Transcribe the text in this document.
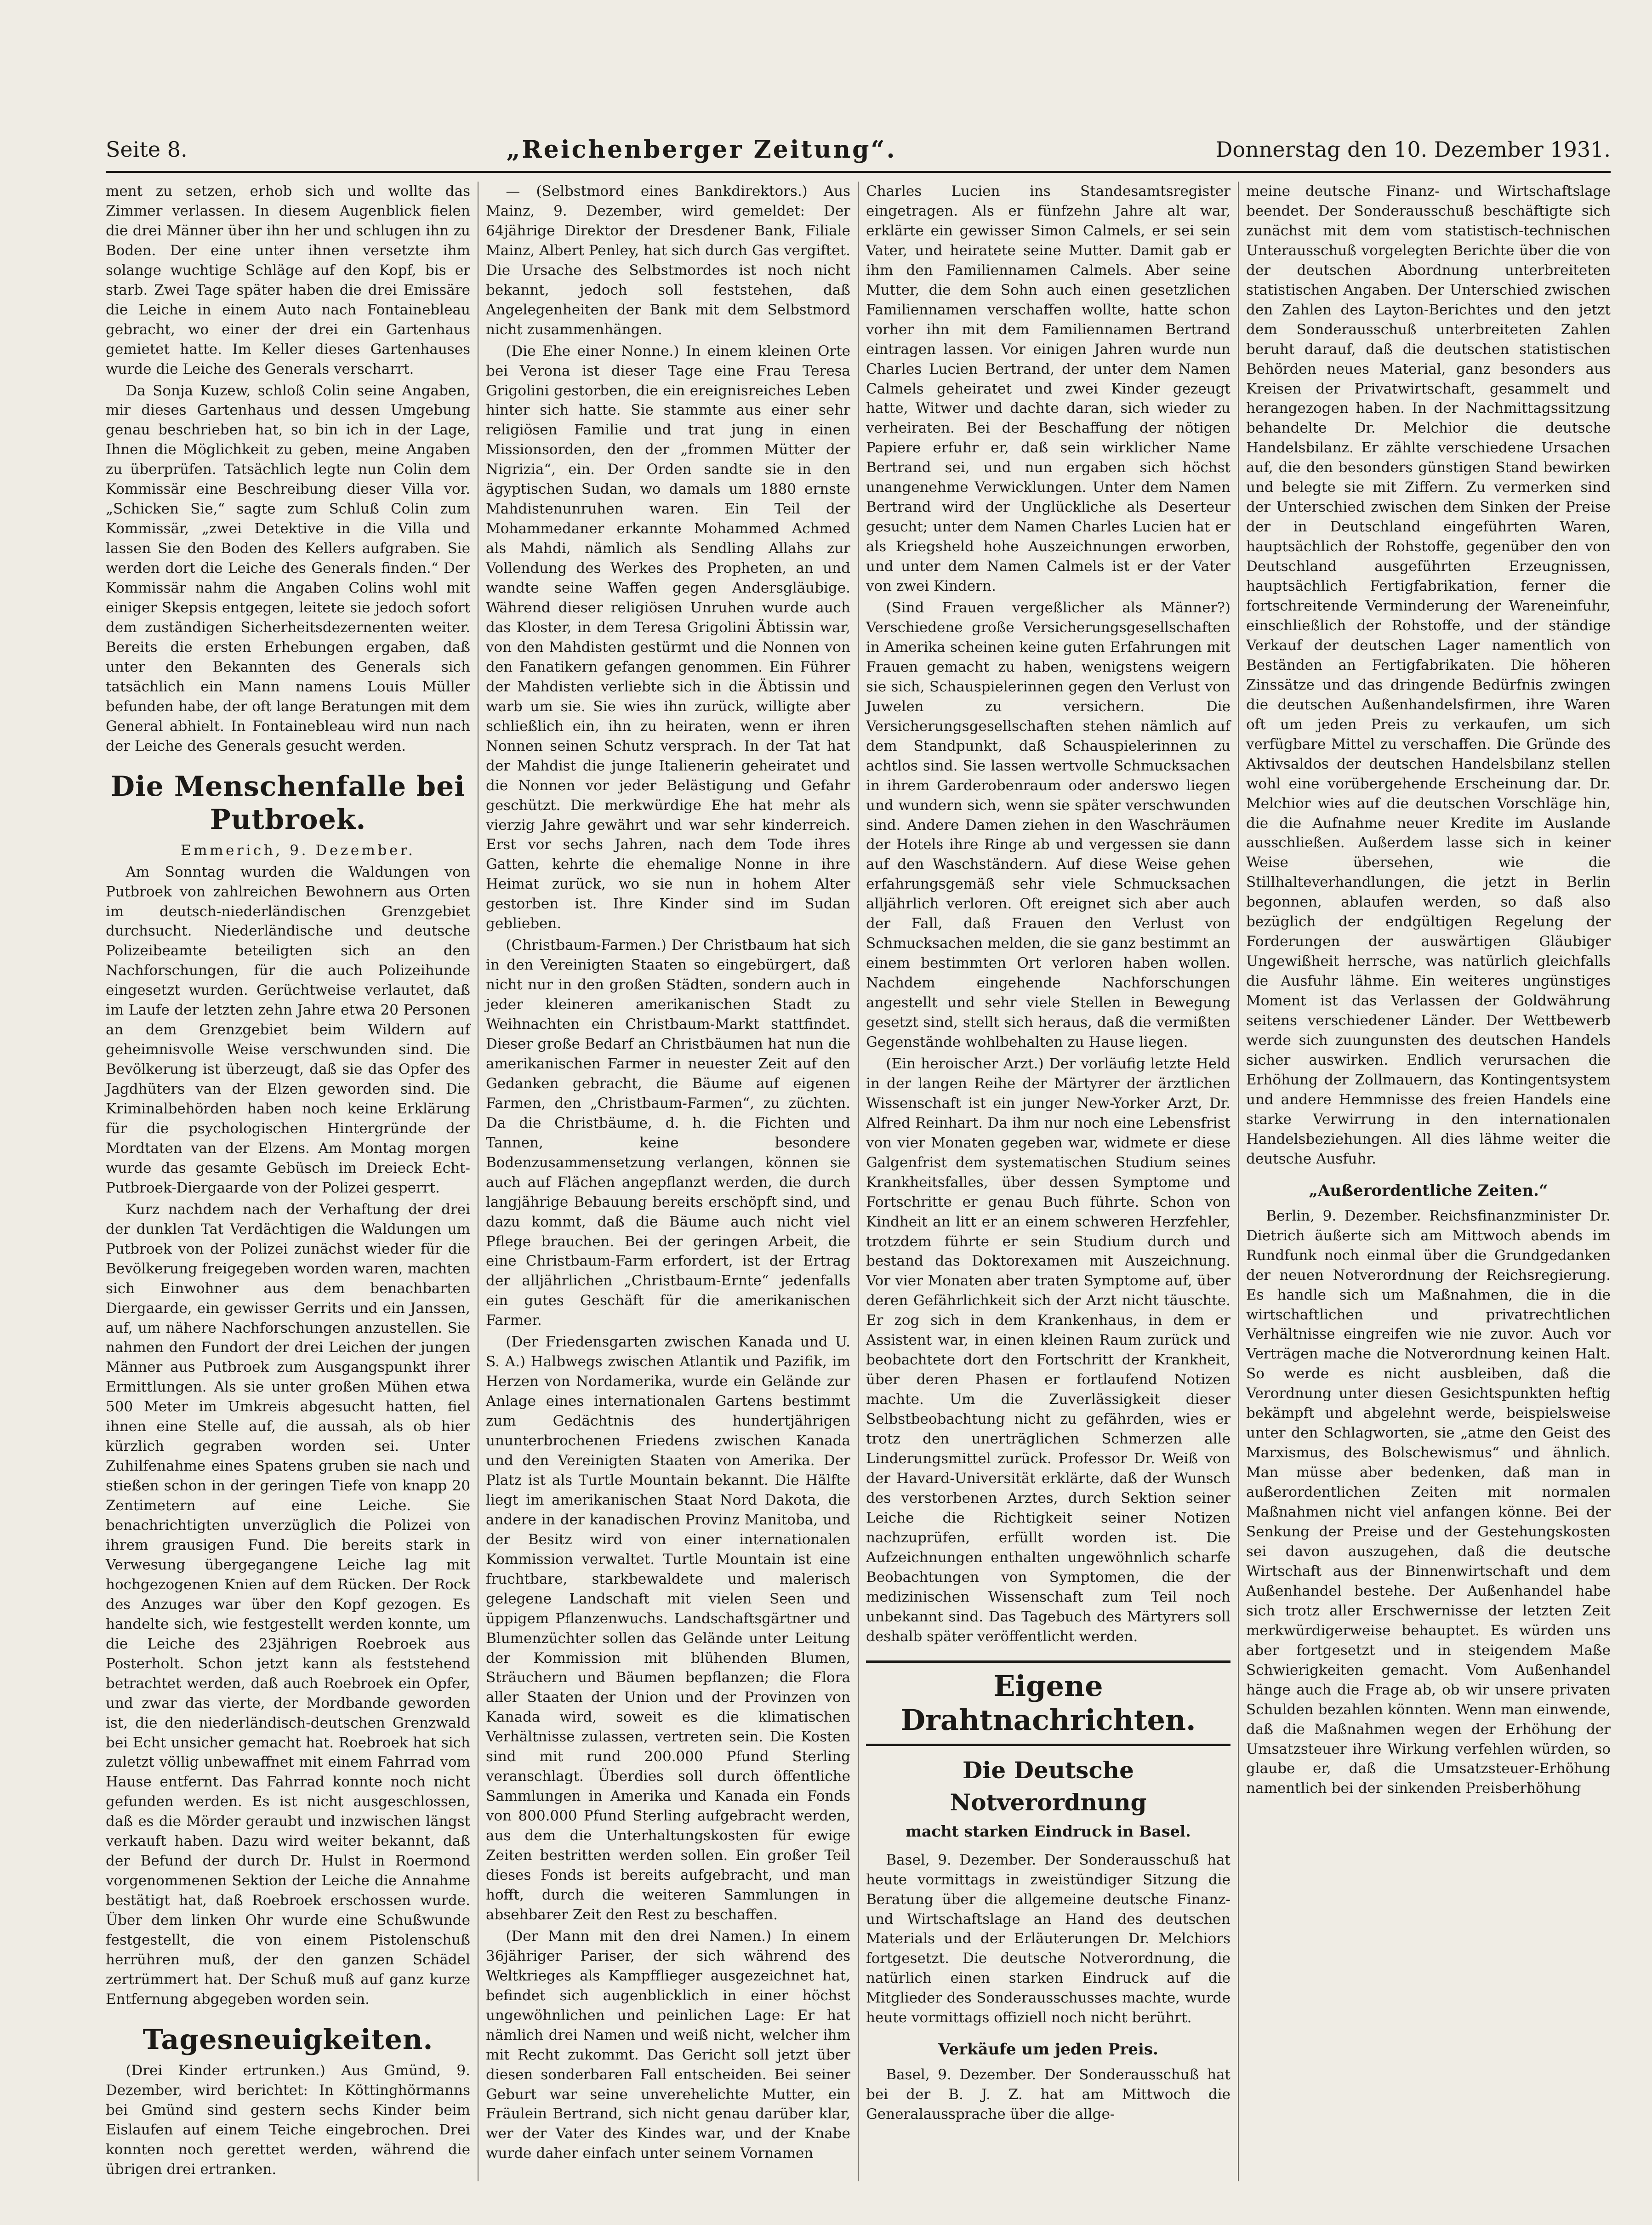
Seite 8.	„Reichenberger Zeitung“.	Donnerstag den 10. Dezember 1931.

ment zu setzen, erhob sich und wollte das Zimmer verlassen. In diesem Augenblick fielen die drei Männer über ihn her und schlugen ihn zu Boden. Der eine unter ihnen versetzte ihm solange wuchtige Schläge auf den Kopf, bis er starb. Zwei Tage später haben die drei Emissäre die Leiche in einem Auto nach Fontainebleau gebracht, wo einer der drei ein Gartenhaus gemietet hatte. Im Keller dieses Gartenhauses wurde die Leiche des Generals verscharrt.

Da Sonja Kuzew, schloß Colin seine Angaben, mir dieses Gartenhaus und dessen Umgebung genau beschrieben hat, so bin ich in der Lage, Ihnen die Möglichkeit zu geben, meine Angaben zu überprüfen. Tatsächlich legte nun Colin dem Kommissär eine Beschreibung dieser Villa vor. „Schicken Sie,“ sagte zum Schluß Colin zum Kommissär, „zwei Detektive in die Villa und lassen Sie den Boden des Kellers aufgraben. Sie werden dort die Leiche des Generals finden.“ Der Kommissär nahm die Angaben Colins wohl mit einiger Skepsis entgegen, leitete sie jedoch sofort dem zuständigen Sicherheitsdezernenten weiter. Bereits die ersten Erhebungen ergaben, daß unter den Bekannten des Generals sich tatsächlich ein Mann namens Louis Müller befunden habe, der oft lange Beratungen mit dem General abhielt. In Fontainebleau wird nun nach der Leiche des Generals gesucht werden.

Die Menschenfalle bei Putbroek.

Emmerich, 9. Dezember.

Am Sonntag wurden die Waldungen von Putbroek von zahlreichen Bewohnern aus Orten im deutsch-niederländischen Grenzgebiet durchsucht. Niederländische und deutsche Polizeibeamte beteiligten sich an den Nachforschungen, für die auch Polizeihunde eingesetzt wurden. Gerüchtweise verlautet, daß im Laufe der letzten zehn Jahre etwa 20 Personen an dem Grenzgebiet beim Wildern auf geheimnisvolle Weise verschwunden sind. Die Bevölkerung ist überzeugt, daß sie das Opfer des Jagdhüters van der Elzen geworden sind. Die Kriminalbehörden haben noch keine Erklärung für die psychologischen Hintergründe der Mordtaten van der Elzens. Am Montag morgen wurde das gesamte Gebüsch im Dreieck Echt-Putbroek-Diergaarde von der Polizei gesperrt.

Kurz nachdem nach der Verhaftung der drei der dunklen Tat Verdächtigen die Waldungen um Putbroek von der Polizei zunächst wieder für die Bevölkerung freigegeben worden waren, machten sich Einwohner aus dem benachbarten Diergaarde, ein gewisser Gerrits und ein Janssen, auf, um nähere Nachforschungen anzustellen. Sie nahmen den Fundort der drei Leichen der jungen Männer aus Putbroek zum Ausgangspunkt ihrer Ermittlungen. Als sie unter großen Mühen etwa 500 Meter im Umkreis abgesucht hatten, fiel ihnen eine Stelle auf, die aussah, als ob hier kürzlich gegraben worden sei. Unter Zuhilfenahme eines Spatens gruben sie nach und stießen schon in der geringen Tiefe von knapp 20 Zentimetern auf eine Leiche. Sie benachrichtigten unverzüglich die Polizei von ihrem grausigen Fund. Die bereits stark in Verwesung übergegangene Leiche lag mit hochgezogenen Knien auf dem Rücken. Der Rock des Anzuges war über den Kopf gezogen. Es handelte sich, wie festgestellt werden konnte, um die Leiche des 23jährigen Roebroek aus Posterholt. Schon jetzt kann als feststehend betrachtet werden, daß auch Roebroek ein Opfer, und zwar das vierte, der Mordbande geworden ist, die den niederländisch-deutschen Grenzwald bei Echt unsicher gemacht hat. Roebroek hat sich zuletzt völlig unbewaffnet mit einem Fahrrad vom Hause entfernt. Das Fahrrad konnte noch nicht gefunden werden. Es ist nicht ausgeschlossen, daß es die Mörder geraubt und inzwischen längst verkauft haben. Dazu wird weiter bekannt, daß der Befund der durch Dr. Hulst in Roermond vorgenommenen Sektion der Leiche die Annahme bestätigt hat, daß Roebroek erschossen wurde. Über dem linken Ohr wurde eine Schußwunde festgestellt, die von einem Pistolenschuß herrühren muß, der den ganzen Schädel zertrümmert hat. Der Schuß muß auf ganz kurze Entfernung abgegeben worden sein.

Tagesneuigkeiten.

(Drei Kinder ertrunken.) Aus Gmünd, 9. Dezember, wird berichtet: In Köttinghörmanns bei Gmünd sind gestern sechs Kinder beim Eislaufen auf einem Teiche eingebrochen. Drei konnten noch gerettet werden, während die übrigen drei ertranken.

— (Selbstmord eines Bankdirektors.) Aus Mainz, 9. Dezember, wird gemeldet: Der 64jährige Direktor der Dresdener Bank, Filiale Mainz, Albert Penley, hat sich durch Gas vergiftet. Die Ursache des Selbstmordes ist noch nicht bekannt, jedoch soll feststehen, daß Angelegenheiten der Bank mit dem Selbstmord nicht zusammenhängen.

(Die Ehe einer Nonne.) In einem kleinen Orte bei Verona ist dieser Tage eine Frau Teresa Grigolini gestorben, die ein ereignisreiches Leben hinter sich hatte. Sie stammte aus einer sehr religiösen Familie und trat jung in einen Missionsorden, den der „frommen Mütter der Nigrizia“, ein. Der Orden sandte sie in den ägyptischen Sudan, wo damals um 1880 ernste Mahdistenunruhen waren. Ein Teil der Mohammedaner erkannte Mohammed Achmed als Mahdi, nämlich als Sendling Allahs zur Vollendung des Werkes des Propheten, an und wandte seine Waffen gegen Andersgläubige. Während dieser religiösen Unruhen wurde auch das Kloster, in dem Teresa Grigolini Äbtissin war, von den Mahdisten gestürmt und die Nonnen von den Fanatikern gefangen genommen. Ein Führer der Mahdisten verliebte sich in die Äbtissin und warb um sie. Sie wies ihn zurück, willigte aber schließlich ein, ihn zu heiraten, wenn er ihren Nonnen seinen Schutz versprach. In der Tat hat der Mahdist die junge Italienerin geheiratet und die Nonnen vor jeder Belästigung und Gefahr geschützt. Die merkwürdige Ehe hat mehr als vierzig Jahre gewährt und war sehr kinderreich. Erst vor sechs Jahren, nach dem Tode ihres Gatten, kehrte die ehemalige Nonne in ihre Heimat zurück, wo sie nun in hohem Alter gestorben ist. Ihre Kinder sind im Sudan geblieben.

(Christbaum-Farmen.) Der Christbaum hat sich in den Vereinigten Staaten so eingebürgert, daß nicht nur in den großen Städten, sondern auch in jeder kleineren amerikanischen Stadt zu Weihnachten ein Christbaum-Markt stattfindet. Dieser große Bedarf an Christbäumen hat nun die amerikanischen Farmer in neuester Zeit auf den Gedanken gebracht, die Bäume auf eigenen Farmen, den „Christbaum-Farmen“, zu züchten. Da die Christbäume, d. h. die Fichten und Tannen, keine besondere Bodenzusammensetzung verlangen, können sie auch auf Flächen angepflanzt werden, die durch langjährige Bebauung bereits erschöpft sind, und dazu kommt, daß die Bäume auch nicht viel Pflege brauchen. Bei der geringen Arbeit, die eine Christbaum-Farm erfordert, ist der Ertrag der alljährlichen „Christbaum-Ernte“ jedenfalls ein gutes Geschäft für die amerikanischen Farmer.

(Der Friedensgarten zwischen Kanada und U. S. A.) Halbwegs zwischen Atlantik und Pazifik, im Herzen von Nordamerika, wurde ein Gelände zur Anlage eines internationalen Gartens bestimmt zum Gedächtnis des hundertjährigen ununterbrochenen Friedens zwischen Kanada und den Vereinigten Staaten von Amerika. Der Platz ist als Turtle Mountain bekannt. Die Hälfte liegt im amerikanischen Staat Nord Dakota, die andere in der kanadischen Provinz Manitoba, und der Besitz wird von einer internationalen Kommission verwaltet. Turtle Mountain ist eine fruchtbare, starkbewaldete und malerisch gelegene Landschaft mit vielen Seen und üppigem Pflanzenwuchs. Landschaftsgärtner und Blumenzüchter sollen das Gelände unter Leitung der Kommission mit blühenden Blumen, Sträuchern und Bäumen bepflanzen; die Flora aller Staaten der Union und der Provinzen von Kanada wird, soweit es die klimatischen Verhältnisse zulassen, vertreten sein. Die Kosten sind mit rund 200.000 Pfund Sterling veranschlagt. Überdies soll durch öffentliche Sammlungen in Amerika und Kanada ein Fonds von 800.000 Pfund Sterling aufgebracht werden, aus dem die Unterhaltungskosten für ewige Zeiten bestritten werden sollen. Ein großer Teil dieses Fonds ist bereits aufgebracht, und man hofft, durch die weiteren Sammlungen in absehbarer Zeit den Rest zu beschaffen.

(Der Mann mit den drei Namen.) In einem 36jähriger Pariser, der sich während des Weltkrieges als Kampfflieger ausgezeichnet hat, befindet sich augenblicklich in einer höchst ungewöhnlichen und peinlichen Lage: Er hat nämlich drei Namen und weiß nicht, welcher ihm mit Recht zukommt. Das Gericht soll jetzt über diesen sonderbaren Fall entscheiden. Bei seiner Geburt war seine unverehelichte Mutter, ein Fräulein Bertrand, sich nicht genau darüber klar, wer der Vater des Kindes war, und der Knabe wurde daher einfach unter seinem Vornamen

Charles Lucien ins Standesamtsregister eingetragen. Als er fünfzehn Jahre alt war, erklärte ein gewisser Simon Calmels, er sei sein Vater, und heiratete seine Mutter. Damit gab er ihm den Familiennamen Calmels. Aber seine Mutter, die dem Sohn auch einen gesetzlichen Familiennamen verschaffen wollte, hatte schon vorher ihn mit dem Familiennamen Bertrand eintragen lassen. Vor einigen Jahren wurde nun Charles Lucien Bertrand, der unter dem Namen Calmels geheiratet und zwei Kinder gezeugt hatte, Witwer und dachte daran, sich wieder zu verheiraten. Bei der Beschaffung der nötigen Papiere erfuhr er, daß sein wirklicher Name Bertrand sei, und nun ergaben sich höchst unangenehme Verwicklungen. Unter dem Namen Bertrand wird der Unglückliche als Deserteur gesucht; unter dem Namen Charles Lucien hat er als Kriegsheld hohe Auszeichnungen erworben, und unter dem Namen Calmels ist er der Vater von zwei Kindern.

(Sind Frauen vergeßlicher als Männer?) Verschiedene große Versicherungsgesellschaften in Amerika scheinen keine guten Erfahrungen mit Frauen gemacht zu haben, wenigstens weigern sie sich, Schauspielerinnen gegen den Verlust von Juwelen zu versichern. Die Versicherungsgesellschaften stehen nämlich auf dem Standpunkt, daß Schauspielerinnen zu achtlos sind. Sie lassen wertvolle Schmucksachen in ihrem Garderobenraum oder anderswo liegen und wundern sich, wenn sie später verschwunden sind. Andere Damen ziehen in den Waschräumen der Hotels ihre Ringe ab und vergessen sie dann auf den Waschständern. Auf diese Weise gehen erfahrungsgemäß sehr viele Schmucksachen alljährlich verloren. Oft ereignet sich aber auch der Fall, daß Frauen den Verlust von Schmucksachen melden, die sie ganz bestimmt an einem bestimmten Ort verloren haben wollen. Nachdem eingehende Nachforschungen angestellt und sehr viele Stellen in Bewegung gesetzt sind, stellt sich heraus, daß die vermißten Gegenstände wohlbehalten zu Hause liegen.

(Ein heroischer Arzt.) Der vorläufig letzte Held in der langen Reihe der Märtyrer der ärztlichen Wissenschaft ist ein junger New-Yorker Arzt, Dr. Alfred Reinhart. Da ihm nur noch eine Lebensfrist von vier Monaten gegeben war, widmete er diese Galgenfrist dem systematischen Studium seines Krankheitsfalles, über dessen Symptome und Fortschritte er genau Buch führte. Schon von Kindheit an litt er an einem schweren Herzfehler, trotzdem führte er sein Studium durch und bestand das Doktorexamen mit Auszeichnung. Vor vier Monaten aber traten Symptome auf, über deren Gefährlichkeit sich der Arzt nicht täuschte. Er zog sich in dem Krankenhaus, in dem er Assistent war, in einen kleinen Raum zurück und beobachtete dort den Fortschritt der Krankheit, über deren Phasen er fortlaufend Notizen machte. Um die Zuverlässigkeit dieser Selbstbeobachtung nicht zu gefährden, wies er trotz den unerträglichen Schmerzen alle Linderungsmittel zurück. Professor Dr. Weiß von der Havard-Universität erklärte, daß der Wunsch des verstorbenen Arztes, durch Sektion seiner Leiche die Richtigkeit seiner Notizen nachzuprüfen, erfüllt worden ist. Die Aufzeichnungen enthalten ungewöhnlich scharfe Beobachtungen von Symptomen, die der medizinischen Wissenschaft zum Teil noch unbekannt sind. Das Tagebuch des Märtyrers soll deshalb später veröffentlicht werden.

Eigene Drahtnachrichten.
Die Deutsche Notverordnung
macht starken Eindruck in Basel.

Basel, 9. Dezember. Der Sonderausschuß hat heute vormittags in zweistündiger Sitzung die Beratung über die allgemeine deutsche Finanz- und Wirtschaftslage an Hand des deutschen Materials und der Erläuterungen Dr. Melchiors fortgesetzt. Die deutsche Notverordnung, die natürlich einen starken Eindruck auf die Mitglieder des Sonderausschusses machte, wurde heute vormittags offiziell noch nicht berührt.

Verkäufe um jeden Preis.

Basel, 9. Dezember. Der Sonderausschuß hat bei der B. J. Z. hat am Mittwoch die Generalaussprache über die allge-

meine deutsche Finanz- und Wirtschaftslage beendet. Der Sonderausschuß beschäftigte sich zunächst mit dem vom statistisch-technischen Unterausschuß vorgelegten Berichte über die von der deutschen Abordnung unterbreiteten statistischen Angaben. Der Unterschied zwischen den Zahlen des Layton-Berichtes und den jetzt dem Sonderausschuß unterbreiteten Zahlen beruht darauf, daß die deutschen statistischen Behörden neues Material, ganz besonders aus Kreisen der Privatwirtschaft, gesammelt und herangezogen haben. In der Nachmittagssitzung behandelte Dr. Melchior die deutsche Handelsbilanz. Er zählte verschiedene Ursachen auf, die den besonders günstigen Stand bewirken und belegte sie mit Ziffern. Zu vermerken sind der Unterschied zwischen dem Sinken der Preise der in Deutschland eingeführten Waren, hauptsächlich der Rohstoffe, gegenüber den von Deutschland ausgeführten Erzeugnissen, hauptsächlich Fertigfabrikation, ferner die fortschreitende Verminderung der Wareneinfuhr, einschließlich der Rohstoffe, und der ständige Verkauf der deutschen Lager namentlich von Beständen an Fertigfabrikaten. Die höheren Zinssätze und das dringende Bedürfnis zwingen die deutschen Außenhandelsfirmen, ihre Waren oft um jeden Preis zu verkaufen, um sich verfügbare Mittel zu verschaffen. Die Gründe des Aktivsaldos der deutschen Handelsbilanz stellen wohl eine vorübergehende Erscheinung dar. Dr. Melchior wies auf die deutschen Vorschläge hin, die die Aufnahme neuer Kredite im Auslande ausschließen. Außerdem lasse sich in keiner Weise übersehen, wie die Stillhalteverhandlungen, die jetzt in Berlin begonnen, ablaufen werden, so daß also bezüglich der endgültigen Regelung der Forderungen der auswärtigen Gläubiger Ungewißheit herrsche, was natürlich gleichfalls die Ausfuhr lähme. Ein weiteres ungünstiges Moment ist das Verlassen der Goldwährung seitens verschiedener Länder. Der Wettbewerb werde sich zuungunsten des deutschen Handels sicher auswirken. Endlich verursachen die Erhöhung der Zollmauern, das Kontingentsystem und andere Hemmnisse des freien Handels eine starke Verwirrung in den internationalen Handelsbeziehungen. All dies lähme weiter die deutsche Ausfuhr.

„Außerordentliche Zeiten.“

Berlin, 9. Dezember. Reichsfinanzminister Dr. Dietrich äußerte sich am Mittwoch abends im Rundfunk noch einmal über die Grundgedanken der neuen Notverordnung der Reichsregierung. Es handle sich um Maßnahmen, die in die wirtschaftlichen und privatrechtlichen Verhältnisse eingreifen wie nie zuvor. Auch vor Verträgen mache die Notverordnung keinen Halt. So werde es nicht ausbleiben, daß die Verordnung unter diesen Gesichtspunkten heftig bekämpft und abgelehnt werde, beispielsweise unter den Schlagworten, sie „atme den Geist des Marxismus, des Bolschewismus“ und ähnlich. Man müsse aber bedenken, daß man in außerordentlichen Zeiten mit normalen Maßnahmen nicht viel anfangen könne. Bei der Senkung der Preise und der Gestehungskosten sei davon auszugehen, daß die deutsche Wirtschaft aus der Binnenwirtschaft und dem Außenhandel bestehe. Der Außenhandel habe sich trotz aller Erschwernisse der letzten Zeit merkwürdigerweise behauptet. Es würden uns aber fortgesetzt und in steigendem Maße Schwierigkeiten gemacht. Vom Außenhandel hänge auch die Frage ab, ob wir unsere privaten Schulden bezahlen könnten. Wenn man einwende, daß die Maßnahmen wegen der Erhöhung der Umsatzsteuer ihre Wirkung verfehlen würden, so glaube er, daß die Umsatzsteuer-Erhöhung namentlich bei der sinkenden Preisberhöhung
